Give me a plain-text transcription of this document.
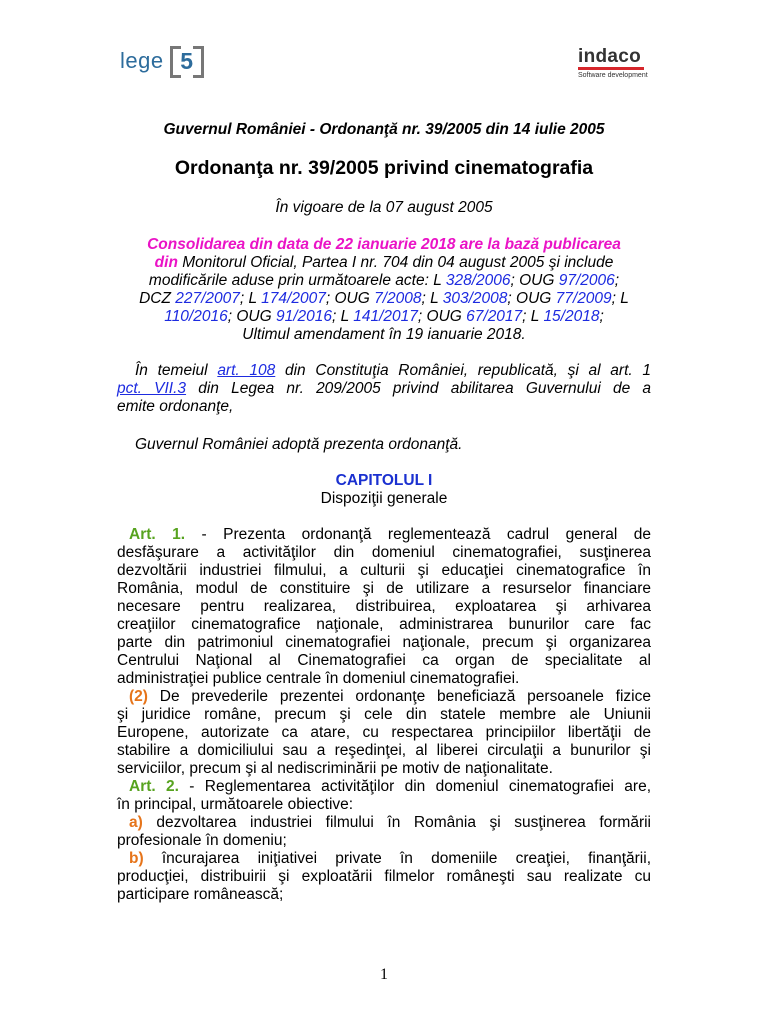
lege 5	indaco
Software development
Guvernul României - Ordonanţă nr. 39/2005 din 14 iulie 2005
Ordonanţa nr. 39/2005 privind cinematografia
În vigoare de la 07 august 2005
Consolidarea din data de 22 ianuarie 2018 are la bază publicarea
din Monitorul Oficial, Partea I nr. 704 din 04 august 2005 şi include
modificările aduse prin următoarele acte: L 328/2006; OUG 97/2006;
DCZ 227/2007; L 174/2007; OUG 7/2008; L 303/2008; OUG 77/2009; L
110/2016; OUG 91/2016; L 141/2017; OUG 67/2017; L 15/2018;
Ultimul amendament în 19 ianuarie 2018.
În temeiul art. 108 din Constituţia României, republicată, şi al art. 1
pct. VII.3 din Legea nr. 209/2005 privind abilitarea Guvernului de a
emite ordonanţe,
Guvernul României adoptă prezenta ordonanţă.
CAPITOLUL I
Dispoziţii generale
Art. 1. - Prezenta ordonanţă reglementează cadrul general de
desfăşurare a activităţilor din domeniul cinematografiei, susţinerea
dezvoltării industriei filmului, a culturii şi educaţiei cinematografice în
România, modul de constituire şi de utilizare a resurselor financiare
necesare pentru realizarea, distribuirea, exploatarea şi arhivarea
creaţiilor cinematografice naţionale, administrarea bunurilor care fac
parte din patrimoniul cinematografiei naţionale, precum şi organizarea
Centrului Naţional al Cinematografiei ca organ de specialitate al
administraţiei publice centrale în domeniul cinematografiei.
(2) De prevederile prezentei ordonanţe beneficiază persoanele fizice
şi juridice române, precum şi cele din statele membre ale Uniunii
Europene, autorizate ca atare, cu respectarea principiilor libertăţii de
stabilire a domiciliului sau a reşedinţei, al liberei circulaţii a bunurilor şi
serviciilor, precum şi al nediscriminării pe motiv de naţionalitate.
Art. 2. - Reglementarea activităţilor din domeniul cinematografiei are,
în principal, următoarele obiective:
a) dezvoltarea industriei filmului în România şi susţinerea formării
profesionale în domeniu;
b) încurajarea iniţiativei private în domeniile creaţiei, finanţării,
producţiei, distribuirii şi exploatării filmelor româneşti sau realizate cu
participare românească;
1
